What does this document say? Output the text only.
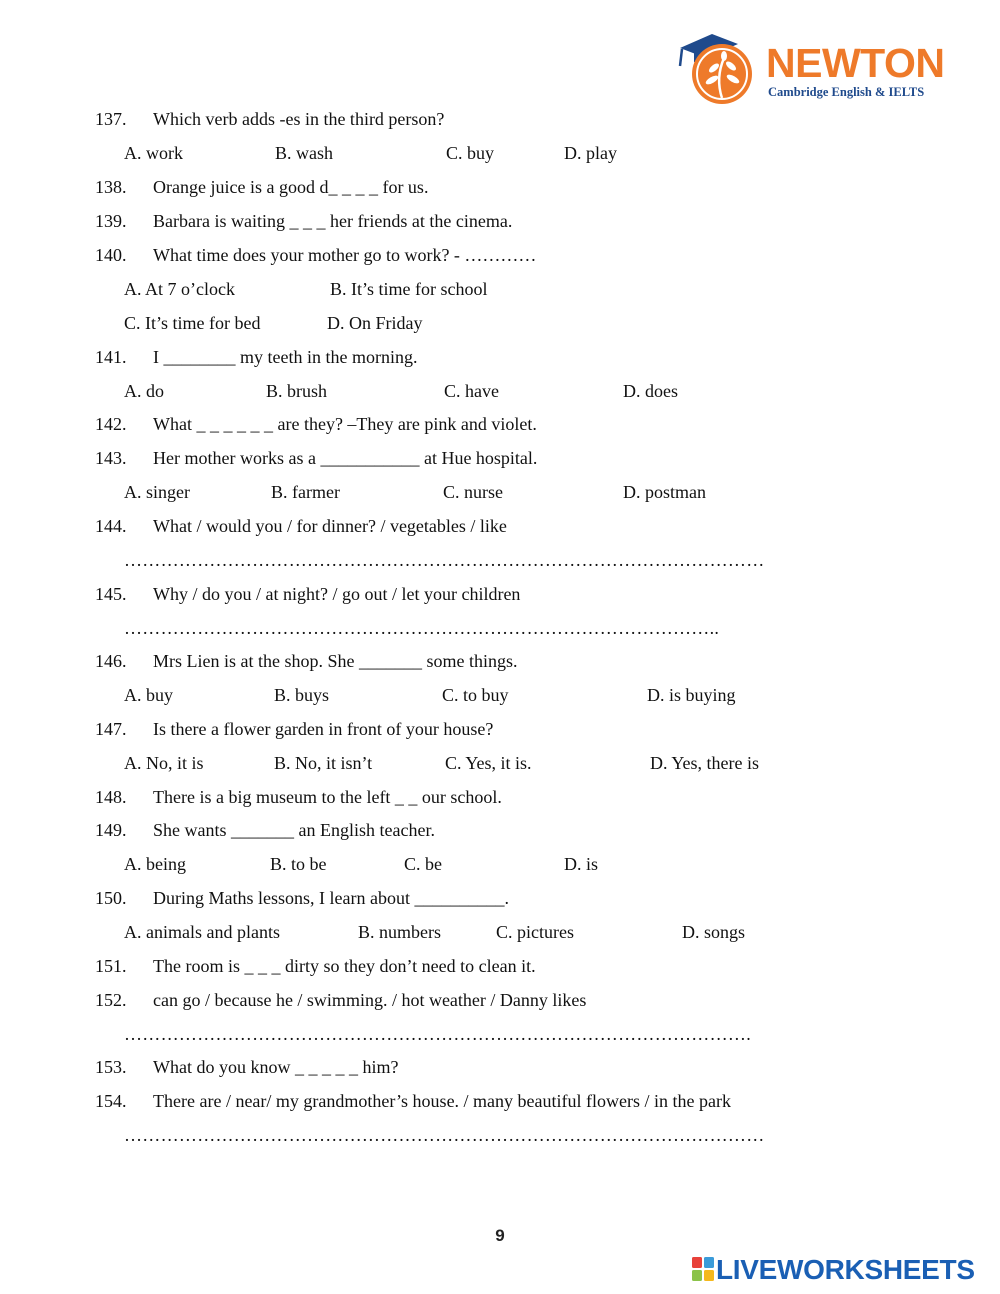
NEWTON
Cambridge English & IELTS
137. Which verb adds -es in the third person?
A. work	B. wash	C. buy	D. play
138. Orange juice is a good d_ _ _ _ for us.
139. Barbara is waiting _ _ _ her friends at the cinema.
140. What time does your mother go to work? - …………
A. At 7 o’clock	B. It’s time for school
C. It’s time for bed	D. On Friday
141. I ________ my teeth in the morning.
A. do	B. brush	C. have	D. does
142. What _ _ _ _ _ _ are they? –They are pink and violet.
143. Her mother works as a ___________ at Hue hospital.
A. singer	B. farmer	C. nurse	D. postman
144. What / would you / for dinner? / vegetables / like
……………………………………………………………………………………………
145. Why / do you / at night? / go out / let your children
……………………………………………………………………………………..
146. Mrs Lien is at the shop. She _______ some things.
A. buy	B. buys	C. to buy	D. is buying
147. Is there a flower garden in front of your house?
A. No, it is	B. No, it isn’t	C. Yes, it is.	D. Yes, there is
148. There is a big museum to the left _ _ our school.
149. She wants _______ an English teacher.
A. being	B. to be	C. be	D. is
150. During Maths lessons, I learn about __________.
A. animals and plants	B. numbers	C. pictures	D. songs
151. The room is _ _ _ dirty so they don’t need to clean it.
152. can go / because he / swimming. / hot weather / Danny likes
………………………………………………………………………………………….
153. What do you know _ _ _ _ _ him?
154. There are / near/ my grandmother’s house. / many beautiful flowers / in the park
……………………………………………………………………………………………
9
LIVEWORKSHEETS
